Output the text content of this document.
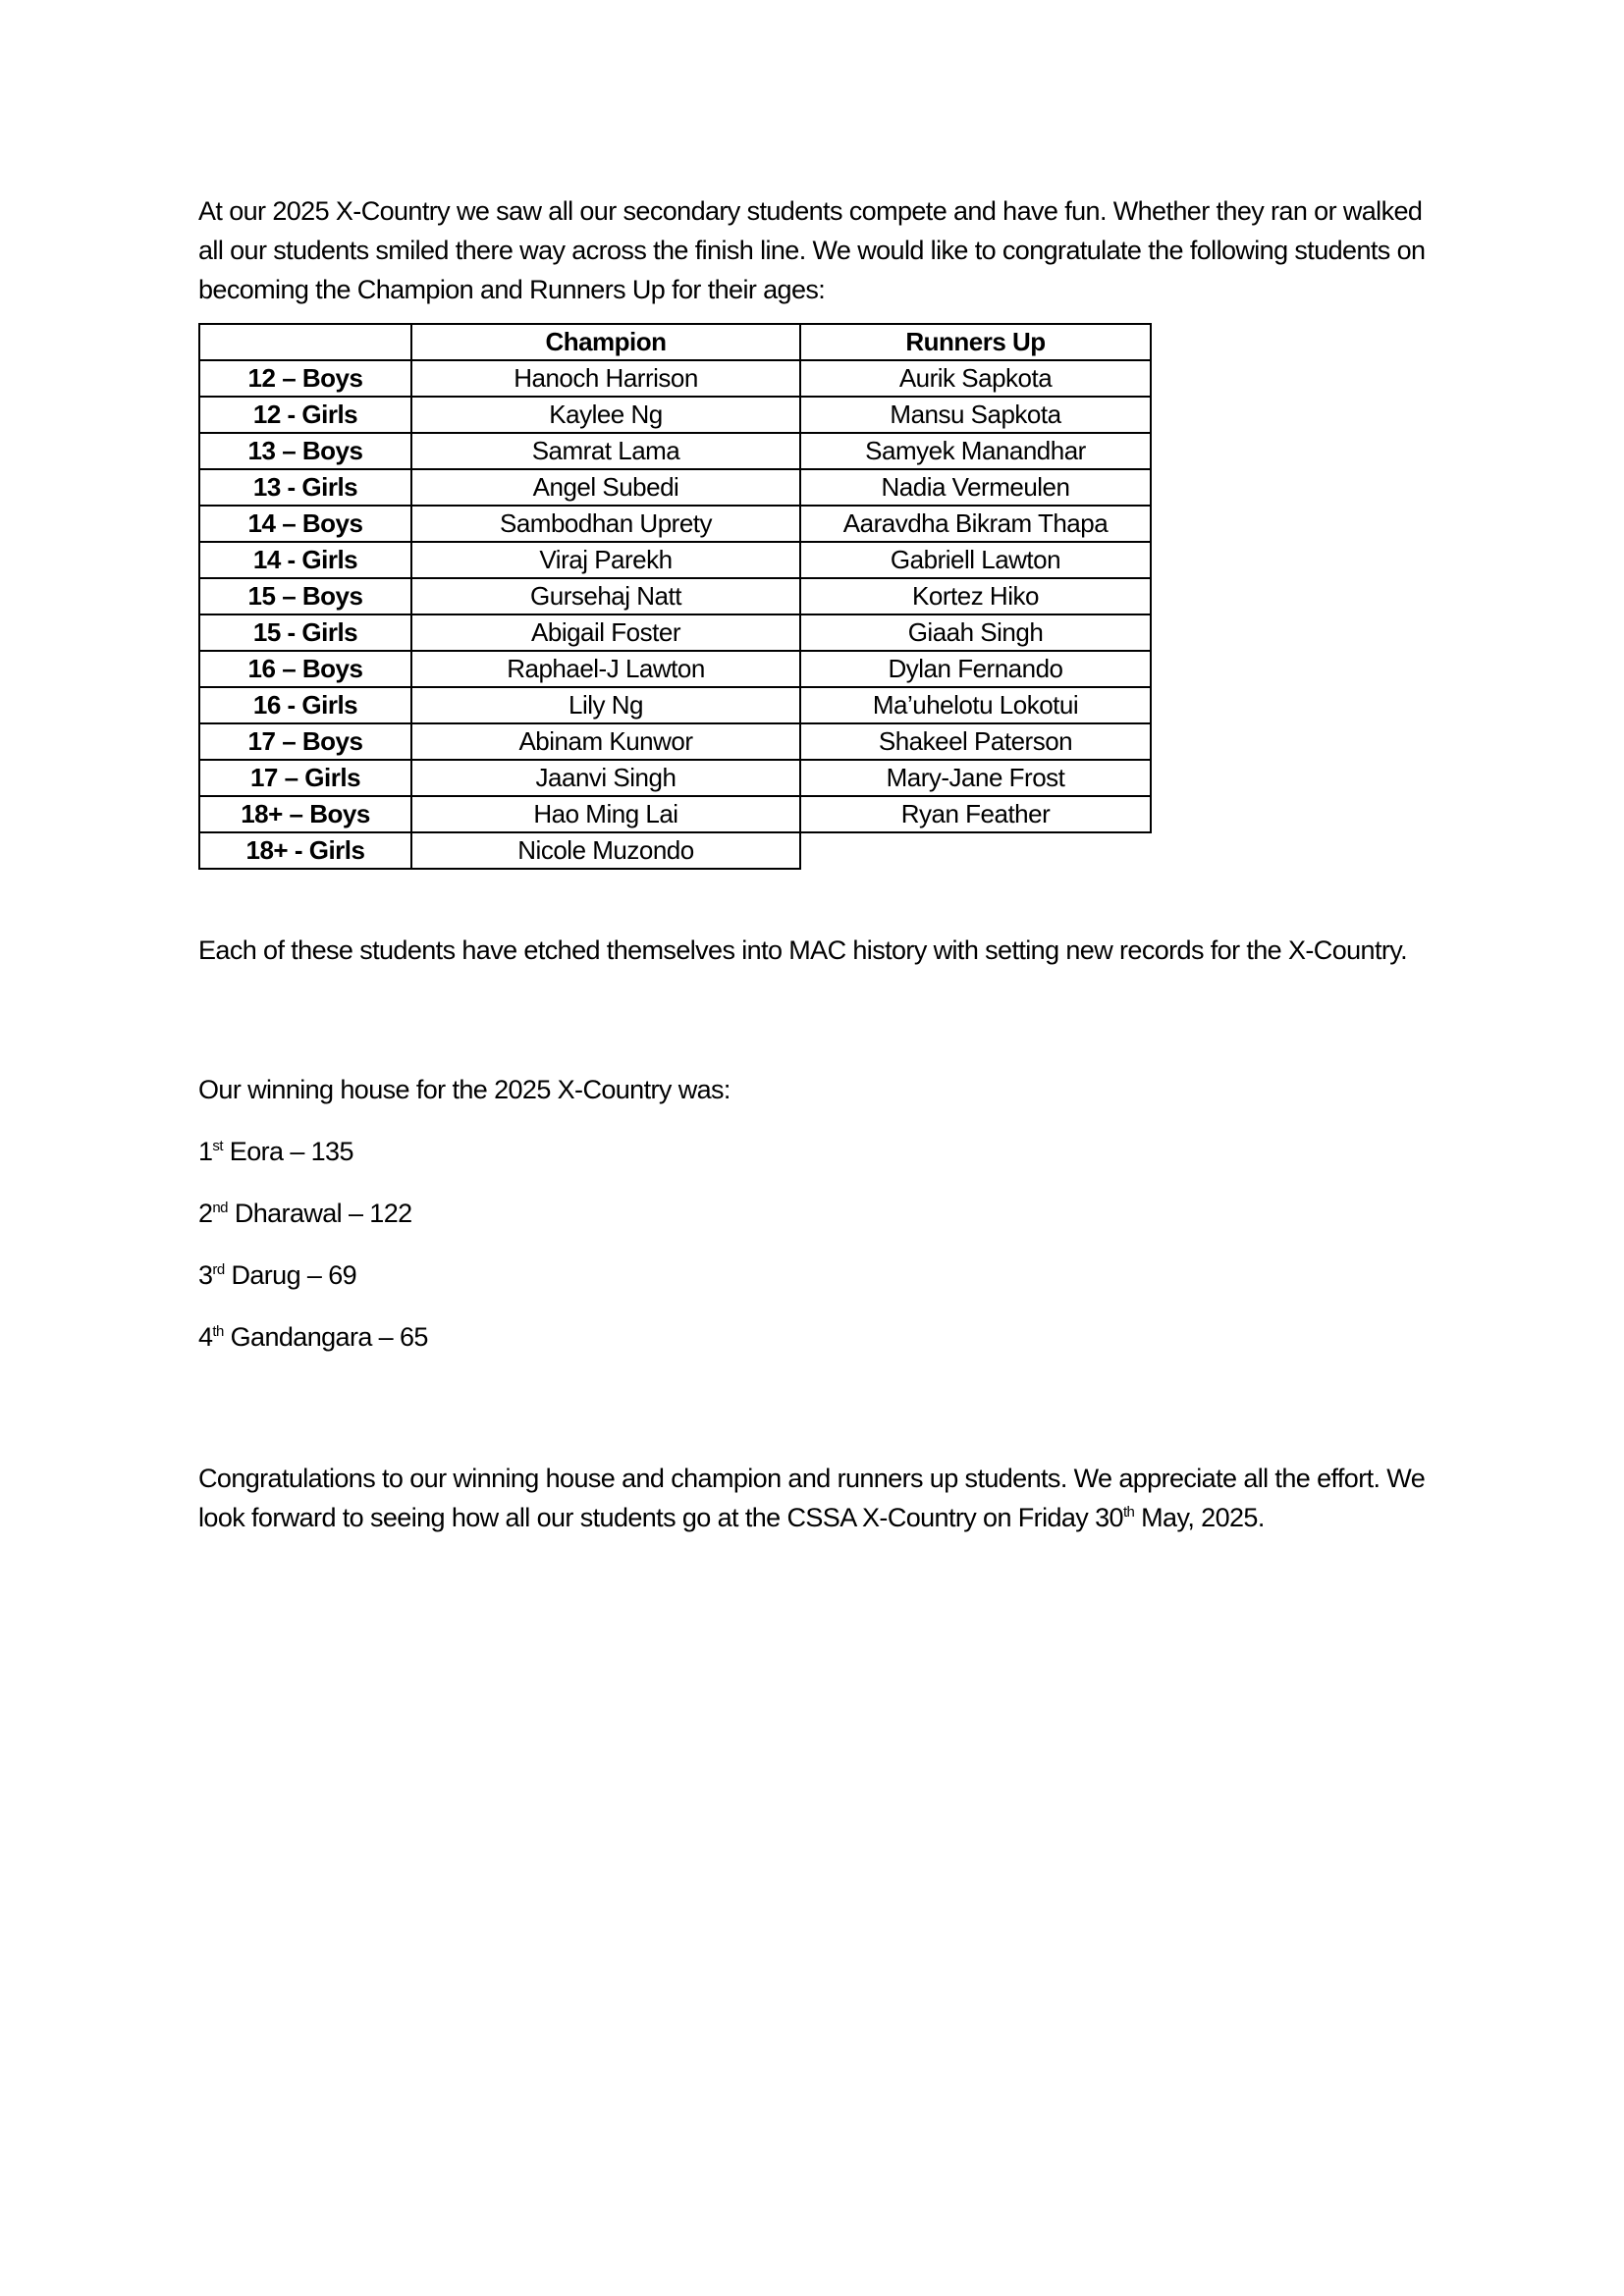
At our 2025 X-Country we saw all our secondary students compete and have fun. Whether they ran or walked all our students smiled there way across the finish line. We would like to congratulate the following students on becoming the Champion and Runners Up for their ages:

	Champion	Runners Up
12 – Boys	Hanoch Harrison	Aurik Sapkota
12 - Girls	Kaylee Ng	Mansu Sapkota
13 – Boys	Samrat Lama	Samyek Manandhar
13 - Girls	Angel Subedi	Nadia Vermeulen
14 – Boys	Sambodhan Uprety	Aaravdha Bikram Thapa
14 - Girls	Viraj Parekh	Gabriell Lawton
15 – Boys	Gursehaj Natt	Kortez Hiko
15 - Girls	Abigail Foster	Giaah Singh
16 – Boys	Raphael-J Lawton	Dylan Fernando
16 - Girls	Lily Ng	Ma’uhelotu Lokotui
17 – Boys	Abinam Kunwor	Shakeel Paterson
17 – Girls	Jaanvi Singh	Mary-Jane Frost
18+ – Boys	Hao Ming Lai	Ryan Feather
18+ - Girls	Nicole Muzondo	

Each of these students have etched themselves into MAC history with setting new records for the X-Country.

Our winning house for the 2025 X-Country was:

1st Eora – 135

2nd Dharawal – 122

3rd Darug – 69

4th Gandangara – 65

Congratulations to our winning house and champion and runners up students. We appreciate all the effort. We look forward to seeing how all our students go at the CSSA X-Country on Friday 30th May, 2025.
